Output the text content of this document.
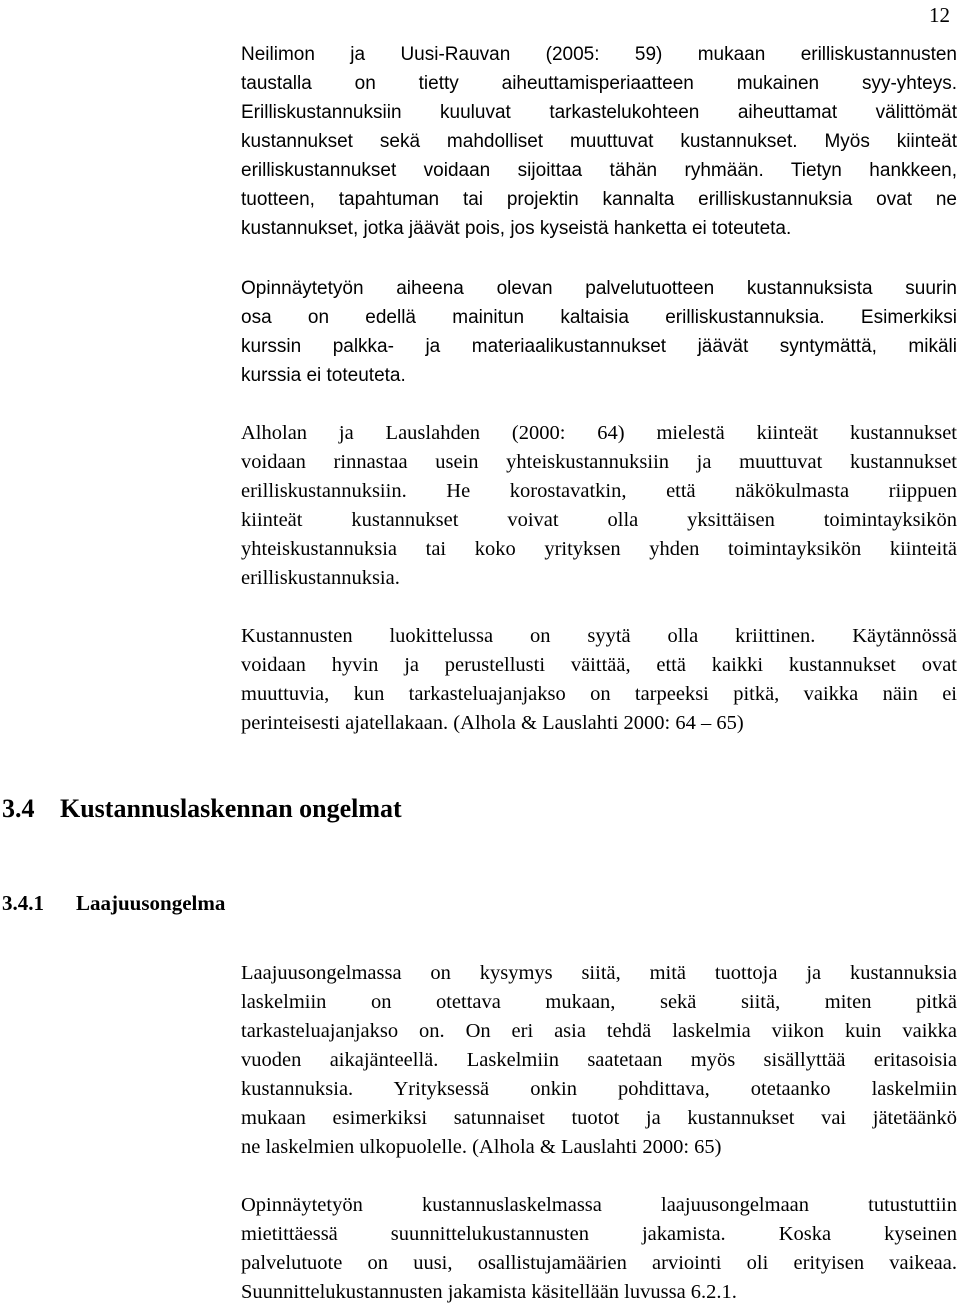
12
Neilimon ja Uusi-Rauvan (2005: 59) mukaan erilliskustannusten
taustalla on tietty aiheuttamisperiaatteen mukainen syy-yhteys.
Erilliskustannuksiin kuuluvat tarkastelukohteen aiheuttamat välittömät
kustannukset sekä mahdolliset muuttuvat kustannukset. Myös kiinteät
erilliskustannukset voidaan sijoittaa tähän ryhmään. Tietyn hankkeen,
tuotteen, tapahtuman tai projektin kannalta erilliskustannuksia ovat ne
kustannukset, jotka jäävät pois, jos kyseistä hanketta ei toteuteta.
Opinnäytetyön aiheena olevan palvelutuotteen kustannuksista suurin
osa on edellä mainitun kaltaisia erilliskustannuksia. Esimerkiksi
kurssin palkka- ja materiaalikustannukset jäävät syntymättä, mikäli
kurssia ei toteuteta.
Alholan ja Lauslahden (2000: 64) mielestä kiinteät kustannukset
voidaan rinnastaa usein yhteiskustannuksiin ja muuttuvat kustannukset
erilliskustannuksiin. He korostavatkin, että näkökulmasta riippuen
kiinteät kustannukset voivat olla yksittäisen toimintayksikön
yhteiskustannuksia tai koko yrityksen yhden toimintayksikön kiinteitä
erilliskustannuksia.
Kustannusten luokittelussa on syytä olla kriittinen. Käytännössä
voidaan hyvin ja perustellusti väittää, että kaikki kustannukset ovat
muuttuvia, kun tarkasteluajanjakso on tarpeeksi pitkä, vaikka näin ei
perinteisesti ajatellakaan. (Alhola & Lauslahti 2000: 64 – 65)
3.4 Kustannuslaskennan ongelmat
3.4.1 Laajuusongelma
Laajuusongelmassa on kysymys siitä, mitä tuottoja ja kustannuksia
laskelmiin on otettava mukaan, sekä siitä, miten pitkä
tarkasteluajanjakso on. On eri asia tehdä laskelmia viikon kuin vaikka
vuoden aikajänteellä. Laskelmiin saatetaan myös sisällyttää eritasoisia
kustannuksia. Yrityksessä onkin pohdittava, otetaanko laskelmiin
mukaan esimerkiksi satunnaiset tuotot ja kustannukset vai jätetäänkö
ne laskelmien ulkopuolelle. (Alhola & Lauslahti 2000: 65)
Opinnäytetyön kustannuslaskelmassa laajuusongelmaan tutustuttiin
mietittäessä suunnittelukustannusten jakamista. Koska kyseinen
palvelutuote on uusi, osallistujamäärien arviointi oli erityisen vaikeaa.
Suunnittelukustannusten jakamista käsitellään luvussa 6.2.1.
